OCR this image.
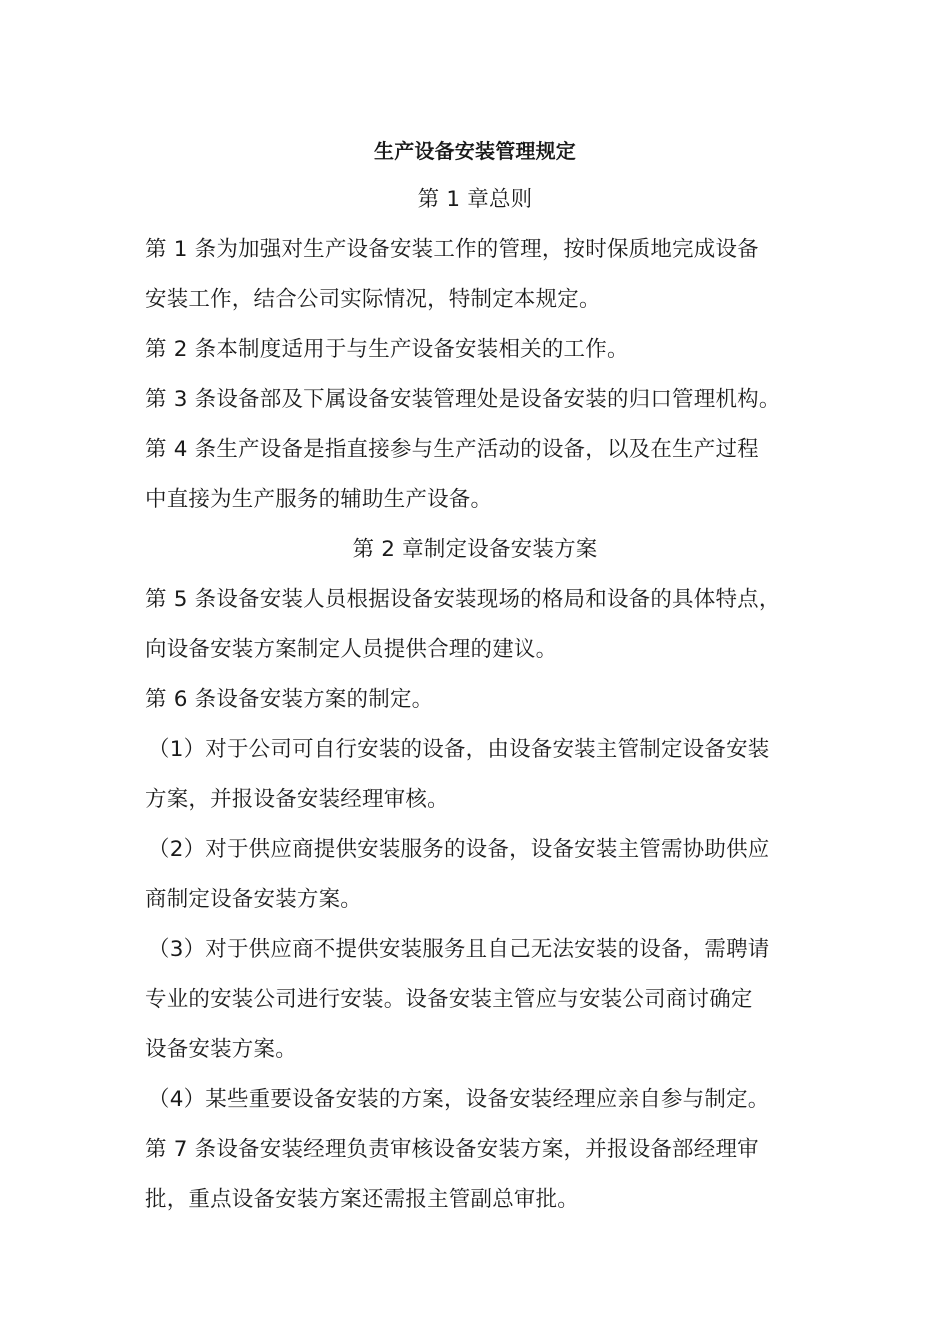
生产设备安装管理规定
第 1 章总则
第 1 条为加强对生产设备安装工作的管理，按时保质地完成设备
安装工作，结合公司实际情况，特制定本规定。
第 2 条本制度适用于与生产设备安装相关的工作。
第 3 条设备部及下属设备安装管理处是设备安装的归口管理机构。
第 4 条生产设备是指直接参与生产活动的设备，以及在生产过程
中直接为生产服务的辅助生产设备。
第 2 章制定设备安装方案
第 5 条设备安装人员根据设备安装现场的格局和设备的具体特点，
向设备安装方案制定人员提供合理的建议。
第 6 条设备安装方案的制定。
（1）对于公司可自行安装的设备，由设备安装主管制定设备安装
方案，并报设备安装经理审核。
（2）对于供应商提供安装服务的设备，设备安装主管需协助供应
商制定设备安装方案。
（3）对于供应商不提供安装服务且自己无法安装的设备，需聘请
专业的安装公司进行安装。设备安装主管应与安装公司商讨确定
设备安装方案。
（4）某些重要设备安装的方案，设备安装经理应亲自参与制定。
第 7 条设备安装经理负责审核设备安装方案，并报设备部经理审
批，重点设备安装方案还需报主管副总审批。
